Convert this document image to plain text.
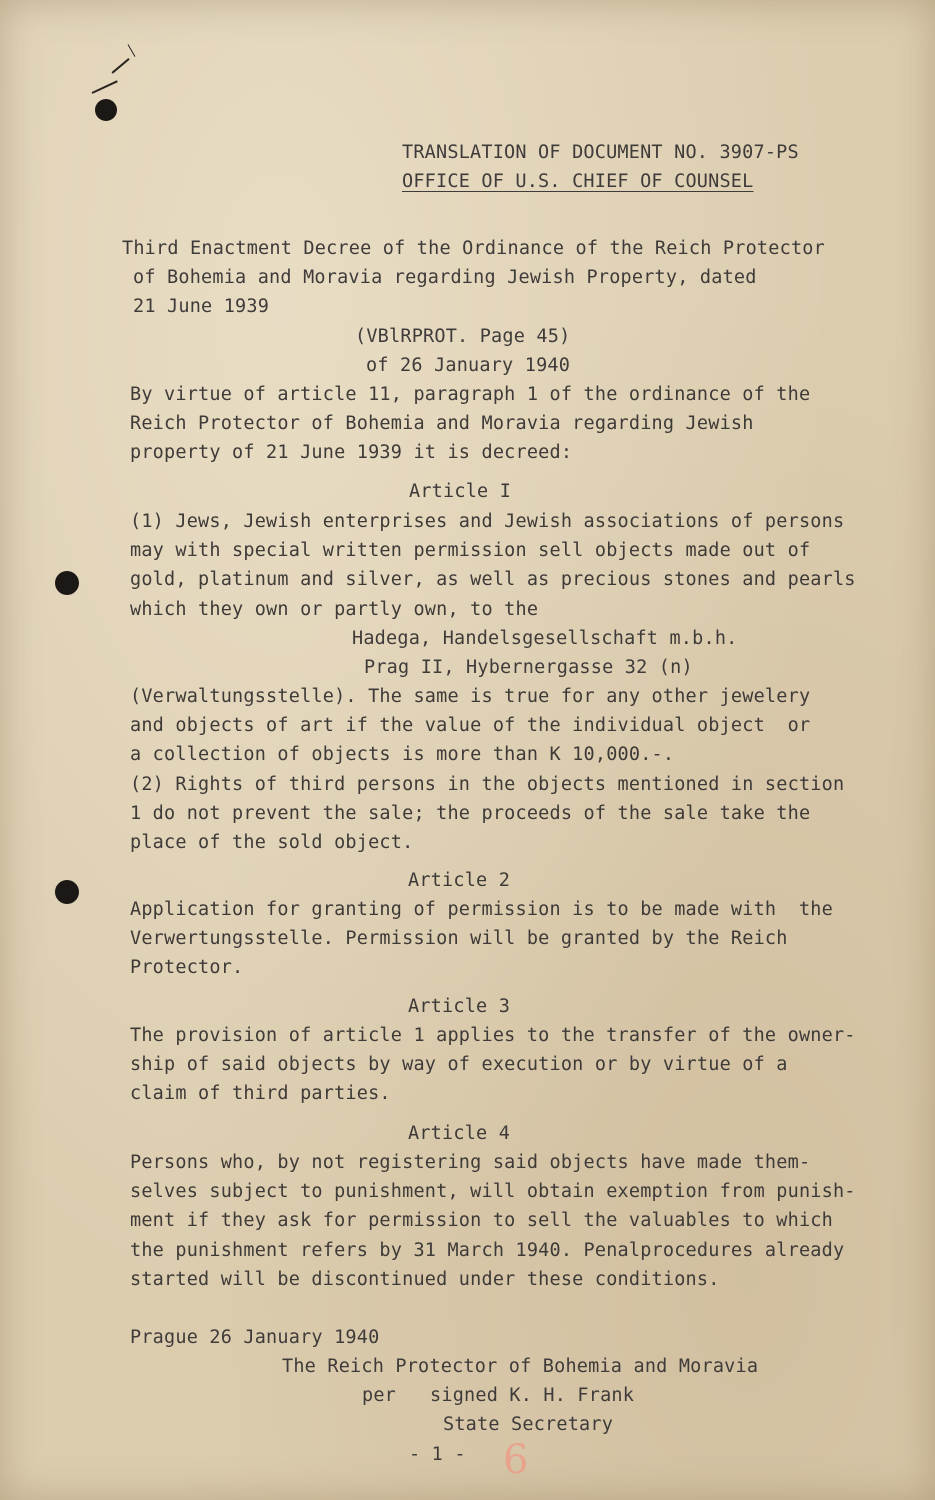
TRANSLATION OF DOCUMENT NO. 3907-PS
OFFICE OF U.S. CHIEF OF COUNSEL
Third Enactment Decree of the Ordinance of the Reich Protector
of Bohemia and Moravia regarding Jewish Property, dated
21 June 1939
(VBlRPROT. Page 45)
of 26 January 1940
By virtue of article 11, paragraph 1 of the ordinance of the
Reich Protector of Bohemia and Moravia regarding Jewish
property of 21 June 1939 it is decreed:
Article I
(1) Jews, Jewish enterprises and Jewish associations of persons
may with special written permission sell objects made out of
gold, platinum and silver, as well as precious stones and pearls
which they own or partly own, to the
Hadega, Handelsgesellschaft m.b.h.
Prag II, Hybernergasse 32 (n)
(Verwaltungsstelle). The same is true for any other jewelery
and objects of art if the value of the individual object  or
a collection of objects is more than K 10,000.-.
(2) Rights of third persons in the objects mentioned in section
1 do not prevent the sale; the proceeds of the sale take the
place of the sold object.
Article 2
Application for granting of permission is to be made with  the
Verwertungsstelle. Permission will be granted by the Reich
Protector.
Article 3
The provision of article 1 applies to the transfer of the owner-
ship of said objects by way of execution or by virtue of a
claim of third parties.
Article 4
Persons who, by not registering said objects have made them-
selves subject to punishment, will obtain exemption from punish-
ment if they ask for permission to sell the valuables to which
the punishment refers by 31 March 1940. Penalprocedures already
started will be discontinued under these conditions.
Prague 26 January 1940
The Reich Protector of Bohemia and Moravia
per   signed K. H. Frank
State Secretary
- 1 - 6
